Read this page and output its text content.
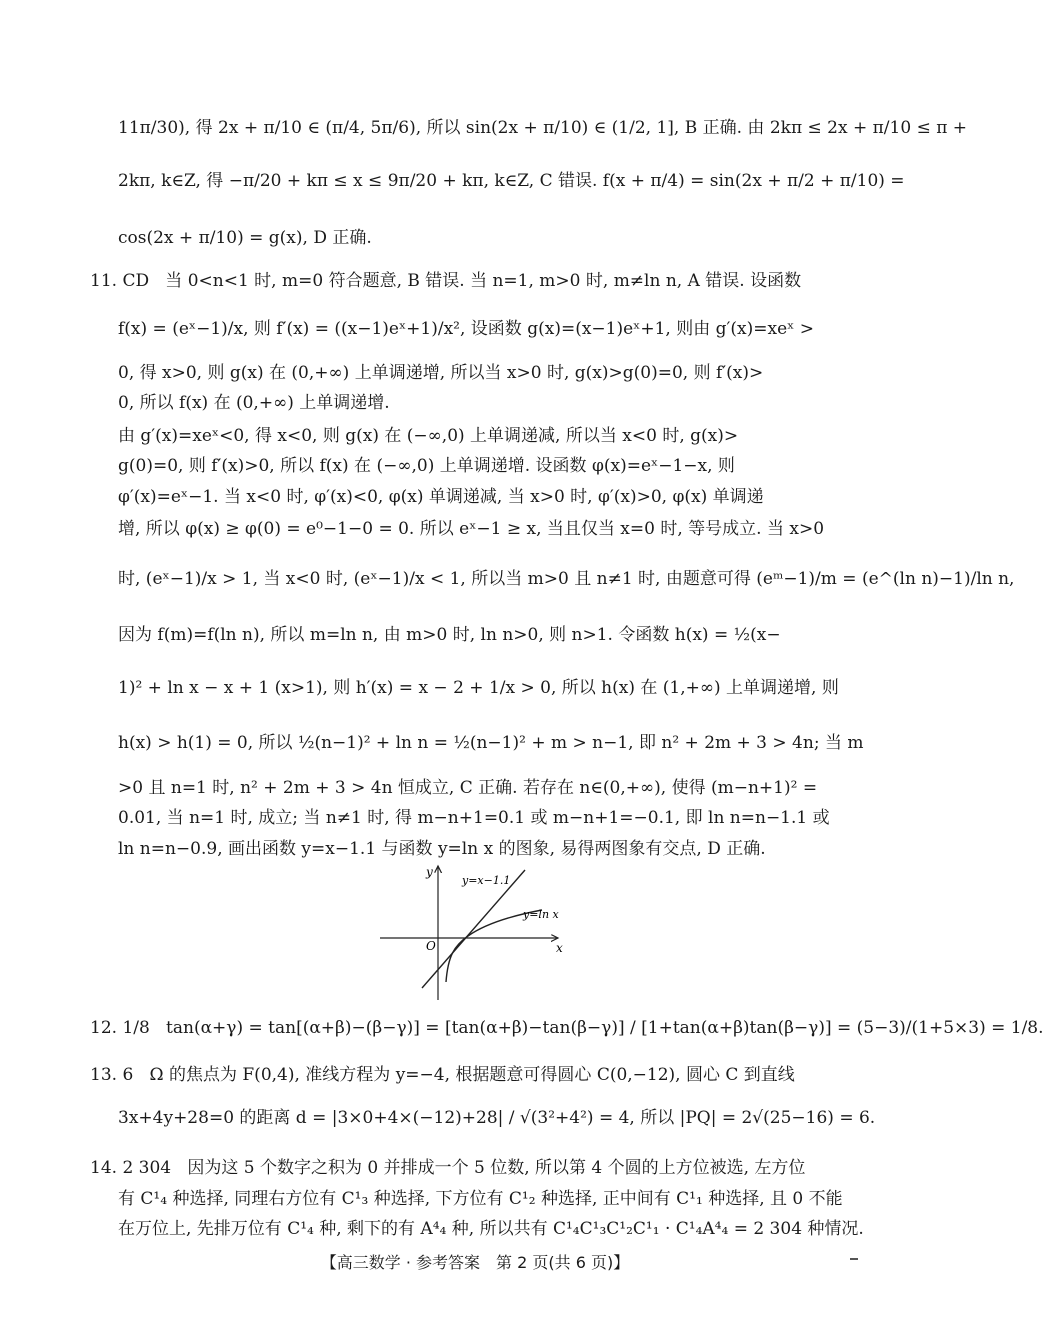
11π/30), 得 2x + π/10 ∈ (π/4, 5π/6), 所以 sin(2x + π/10) ∈ (1/2, 1], B 正确. 由 2kπ ≤ 2x + π/10 ≤ π +
2kπ, k∈Z, 得 −π/20 + kπ ≤ x ≤ 9π/20 + kπ, k∈Z, C 错误. f(x + π/4) = sin(2x + π/2 + π/10) =
cos(2x + π/10) = g(x), D 正确.
11. CD 当 0<n<1 时, m=0 符合题意, B 错误. 当 n=1, m>0 时, m≠ln n, A 错误. 设函数
f(x) = (eˣ−1)/x, 则 f′(x) = ((x−1)eˣ+1)/x², 设函数 g(x)=(x−1)eˣ+1, 则由 g′(x)=xeˣ >
0, 得 x>0, 则 g(x) 在 (0,+∞) 上单调递增, 所以当 x>0 时, g(x)>g(0)=0, 则 f′(x)>
0, 所以 f(x) 在 (0,+∞) 上单调递增.
由 g′(x)=xeˣ<0, 得 x<0, 则 g(x) 在 (−∞,0) 上单调递减, 所以当 x<0 时, g(x)>
g(0)=0, 则 f′(x)>0, 所以 f(x) 在 (−∞,0) 上单调递增. 设函数 φ(x)=eˣ−1−x, 则
φ′(x)=eˣ−1. 当 x<0 时, φ′(x)<0, φ(x) 单调递减, 当 x>0 时, φ′(x)>0, φ(x) 单调递
增, 所以 φ(x) ≥ φ(0) = e⁰−1−0 = 0. 所以 eˣ−1 ≥ x, 当且仅当 x=0 时, 等号成立. 当 x>0
时, (eˣ−1)/x > 1, 当 x<0 时, (eˣ−1)/x < 1, 所以当 m>0 且 n≠1 时, 由题意可得 (eᵐ−1)/m = (e^(ln n)−1)/ln n,
因为 f(m)=f(ln n), 所以 m=ln n, 由 m>0 时, ln n>0, 则 n>1. 令函数 h(x) = ½(x−
1)² + ln x − x + 1 (x>1), 则 h′(x) = x − 2 + 1/x > 0, 所以 h(x) 在 (1,+∞) 上单调递增, 则
h(x) > h(1) = 0, 所以 ½(n−1)² + ln n = ½(n−1)² + m > n−1, 即 n² + 2m + 3 > 4n; 当 m
>0 且 n=1 时, n² + 2m + 3 > 4n 恒成立, C 正确. 若存在 n∈(0,+∞), 使得 (m−n+1)² =
0.01, 当 n=1 时, 成立; 当 n≠1 时, 得 m−n+1=0.1 或 m−n+1=−0.1, 即 ln n=n−1.1 或
ln n=n−0.9, 画出函数 y=x−1.1 与函数 y=ln x 的图象, 易得两图象有交点, D 正确.
x
y
O
y=x−1.1
y=ln x
12. 1/8 tan(α+γ) = tan[(α+β)−(β−γ)] = [tan(α+β)−tan(β−γ)] / [1+tan(α+β)tan(β−γ)] = (5−3)/(1+5×3) = 1/8.
13. 6 Ω 的焦点为 F(0,4), 准线方程为 y=−4, 根据题意可得圆心 C(0,−12), 圆心 C 到直线
3x+4y+28=0 的距离 d = |3×0+4×(−12)+28| / √(3²+4²) = 4, 所以 |PQ| = 2√(25−16) = 6.
14. 2 304 因为这 5 个数字之积为 0 并排成一个 5 位数, 所以第 4 个圆的上方位被选, 左方位
有 C¹₄ 种选择, 同理右方位有 C¹₃ 种选择, 下方位有 C¹₂ 种选择, 正中间有 C¹₁ 种选择, 且 0 不能
在万位上, 先排万位有 C¹₄ 种, 剩下的有 A⁴₄ 种, 所以共有 C¹₄C¹₃C¹₂C¹₁ · C¹₄A⁴₄ = 2 304 种情况.
【高三数学 · 参考答案　第 2 页(共 6 页)】
